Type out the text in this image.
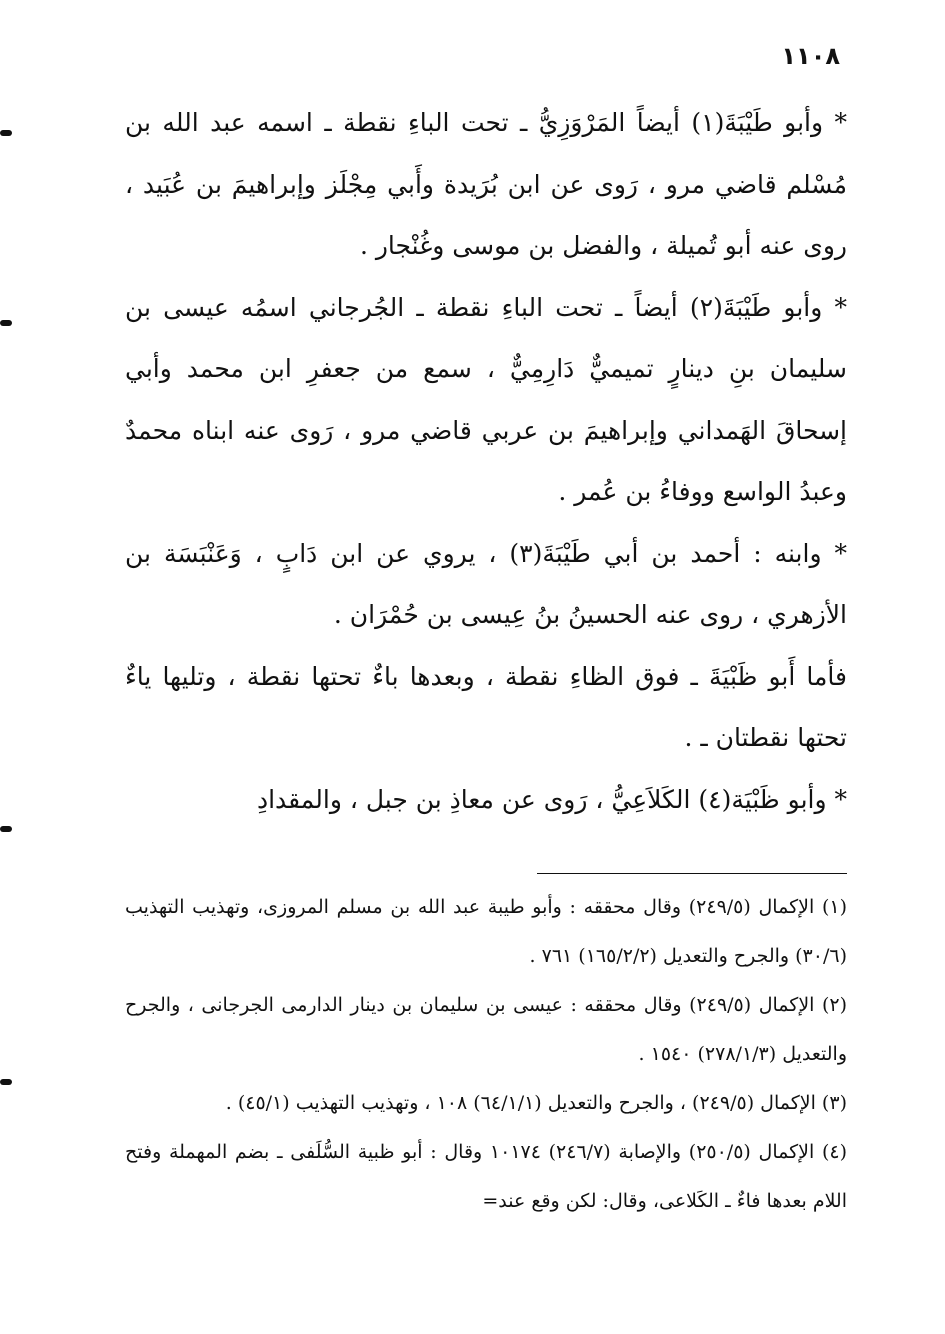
١١٠٨

* وأبو طَيْبَةَ(١) أيضاً المَرْوَزِيُّ ـ تحت الباءِ نقطة ـ اسمه عبد الله بن مُسْلم قاضي مرو ، رَوى عن ابن بُرَيدة وأَبي مِجْلَز وإبراهيمَ بن عُبَيد ، روى عنه أبو تُميلة ، والفضل بن موسى وغُنْجار .

* وأبو طَيْبَةَ(٢) أيضاً ـ تحت الباءِ نقطة ـ الجُرجاني اسمُه عيسى بن سليمان بنِ دينارٍ تميميٌّ دَارِمِيٌّ ، سمع من جعفرِ ابن محمد وأبي إسحاقَ الهَمداني وإبراهيمَ بن عربي قاضي مرو ، رَوى عنه ابناه محمدٌ وعبدُ الواسع ووفاءُ بن عُمر .

* وابنه : أحمد بن أبي طَيْبَةَ(٣) ، يروي عن ابن دَابٍ ، وَعَنْبَسَة بن الأزهري ، روى عنه الحسينُ بنُ عِيسى بن حُمْرَان .

فأما أَبو ظَبْيَةَ ـ فوق الظاءِ نقطة ، وبعدها باءٌ تحتها نقطة ، وتليها ياءٌ تحتها نقطتان ـ .

* وأبو ظَبْيَة(٤) الكَلاَعِيُّ ، رَوى عن معاذِ بن جبل ، والمقدادِ

(١) الإكمال (٢٤٩/٥) وقال محققه : وأبو طيبة عبد الله بن مسلم المروزى، وتهذيب التهذيب (٣٠/٦) والجرح والتعديل (١٦٥/٢/٢) ٧٦١ .

(٢) الإكمال (٢٤٩/٥) وقال محققه : عيسى بن سليمان بن دينار الدارمى الجرجانى ، والجرح والتعديل (٢٧٨/١/٣) ١٥٤٠ .

(٣) الإكمال (٢٤٩/٥) ، والجرح والتعديل (٦٤/١/١) ١٠٨ ، وتهذيب التهذيب (٤٥/١) .

(٤) الإكمال (٢٥٠/٥) والإصابة (٢٤٦/٧) ١٠١٧٤ وقال : أبو ظبية السُّلَفى ـ بضم المهملة وفتح اللام بعدها فاءٌ ـ الكَلاعى، وقال: لكن وقع عند=
